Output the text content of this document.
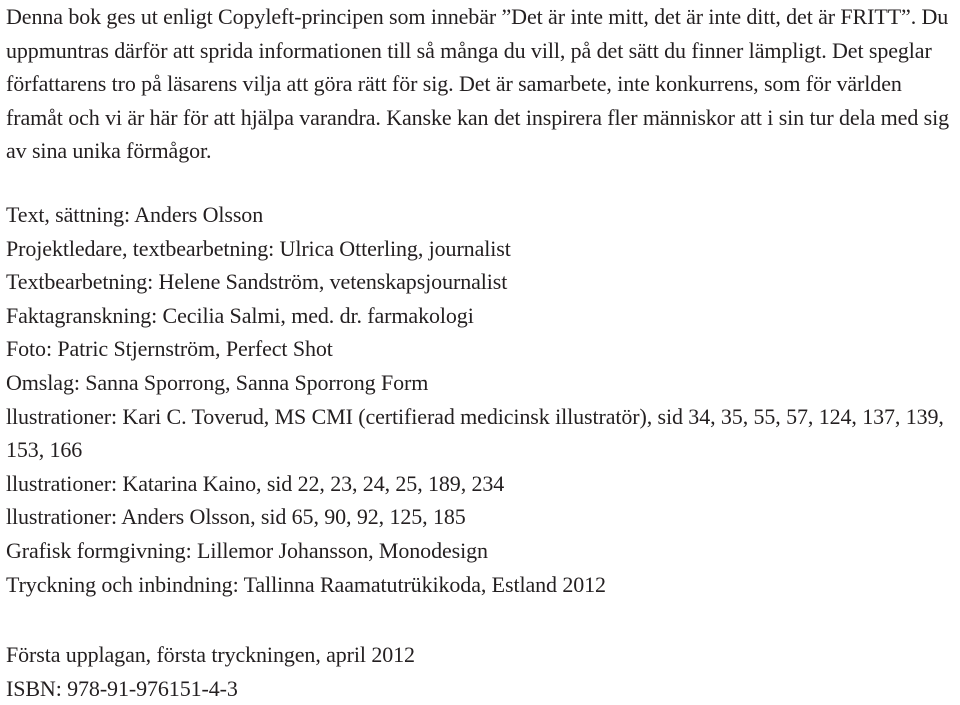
Denna bok ges ut enligt Copyleft-principen som innebär ”Det är inte mitt, det är inte ditt, det är FRITT”. Du uppmuntras därför att sprida informationen till så många du vill, på det sätt du finner lämpligt. Det speglar författarens tro på läsarens vilja att göra rätt för sig. Det är samarbete, inte konkurrens, som för världen framåt och vi är här för att hjälpa varandra. Kanske kan det inspirera fler människor att i sin tur dela med sig av sina unika förmågor.

Text, sättning: Anders Olsson
Projektledare, textbearbetning: Ulrica Otterling, journalist
Textbearbetning: Helene Sandström, vetenskapsjournalist
Faktagranskning: Cecilia Salmi, med. dr. farmakologi
Foto: Patric Stjernström, Perfect Shot
Omslag: Sanna Sporrong, Sanna Sporrong Form
llustrationer: Kari C. Toverud, MS CMI (certifierad medicinsk illustratör), sid 34, 35, 55, 57, 124, 137, 139, 153, 166
llustrationer: Katarina Kaino, sid 22, 23, 24, 25, 189, 234
llustrationer: Anders Olsson, sid 65, 90, 92, 125, 185
Grafisk formgivning: Lillemor Johansson, Monodesign
Tryckning och inbindning: Tallinna Raamatutrükikoda, Estland 2012
Första upplagan, första tryckningen, april 2012
ISBN: 978-91-976151-4-3
